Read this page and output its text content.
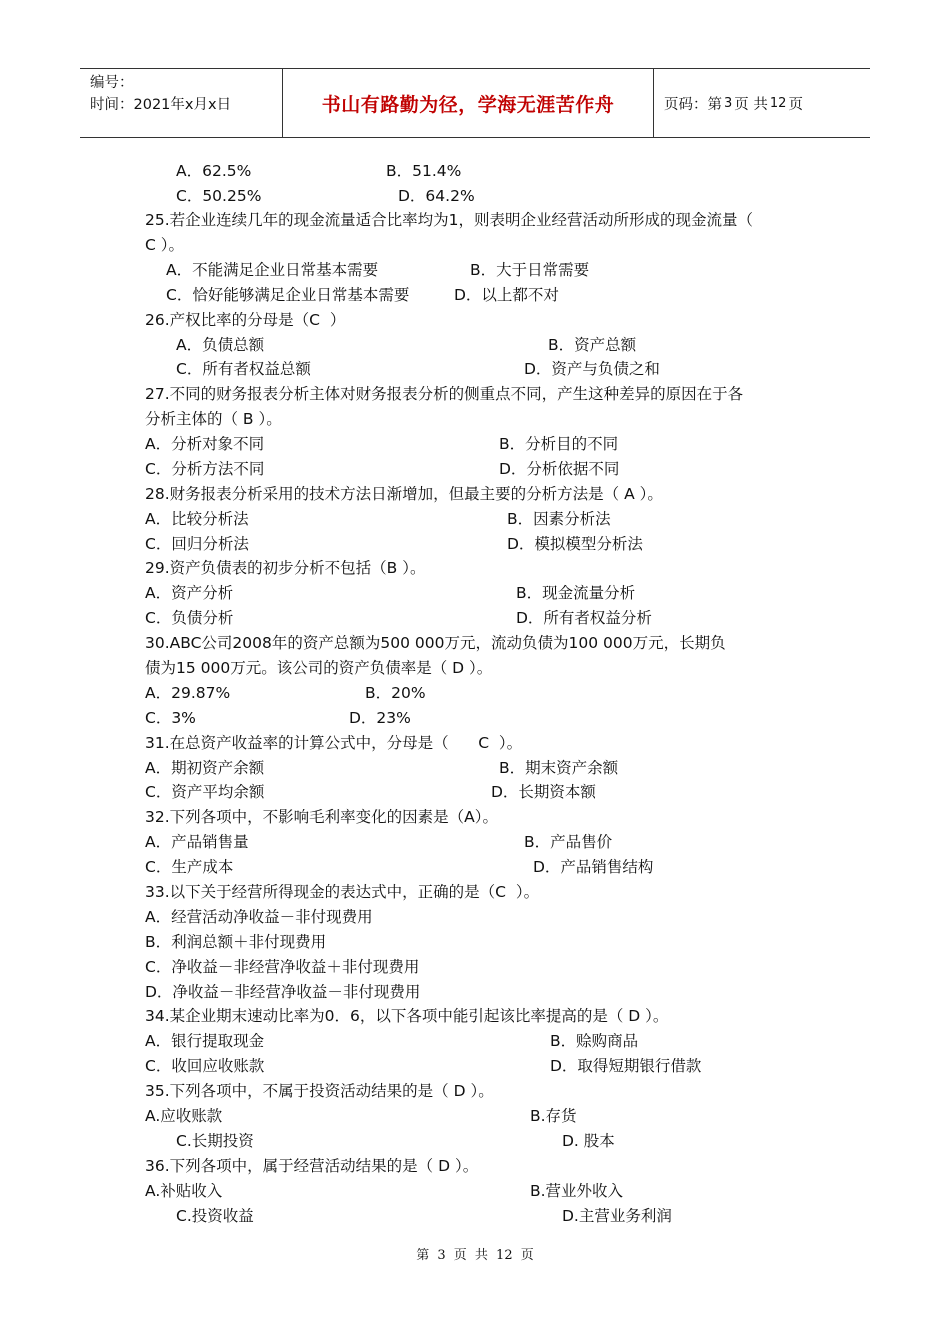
编号：
时间：2021年x月x日	书山有路勤为径，学海无涯苦作舟	页码：第 3 页 共 12 页
A．62.5%	B．51.4%
C．50.25%	D．64.2%
25.若企业连续几年的现金流量适合比率均为1，则表明企业经营活动所形成的现金流量（
C ）。
A．不能满足企业日常基本需要	B．大于日常需要
C．恰好能够满足企业日常基本需要	D．以上都不对
26.产权比率的分母是（C  ）
A．负债总额	B．资产总额
C．所有者权益总额	D．资产与负债之和
27.不同的财务报表分析主体对财务报表分析的侧重点不同，产生这种差异的原因在于各
分析主体的（ B ）。
A．分析对象不同	B．分析目的不同
C．分析方法不同	D．分析依据不同
28.财务报表分析采用的技术方法日渐增加，但最主要的分析方法是（ A ）。
A．比较分析法	B．因素分析法
C．回归分析法	D．模拟模型分析法
29.资产负债表的初步分析不包括（B ）。
A．资产分析	B．现金流量分析
C．负债分析	D．所有者权益分析
30.ABC公司2008年的资产总额为500 000万元，流动负债为100 000万元，长期负
债为15 000万元。该公司的资产负债率是（ D ）。
A．29.87%	B．20%
C．3%	D．23%
31.在总资产收益率的计算公式中，分母是（      C  ）。
A．期初资产余额	B．期末资产余额
C．资产平均余额	D．长期资本额
32.下列各项中，不影响毛利率变化的因素是（A）。
A．产品销售量	B．产品售价
C．生产成本	D．产品销售结构
33.以下关于经营所得现金的表达式中，正确的是（C  ）。
A．经营活动净收益－非付现费用
B．利润总额＋非付现费用
C．净收益－非经营净收益＋非付现费用
D．净收益－非经营净收益－非付现费用
34.某企业期末速动比率为0．6，以下各项中能引起该比率提高的是（ D ）。
A．银行提取现金	B．赊购商品
C．收回应收账款	D．取得短期银行借款
35.下列各项中，不属于投资活动结果的是（ D ）。
A.应收账款	B.存货
C.长期投资	D. 股本
36.下列各项中，属于经营活动结果的是（ D ）。
A.补贴收入	B.营业外收入
C.投资收益	D.主营业务利润
第 3 页 共 12 页
